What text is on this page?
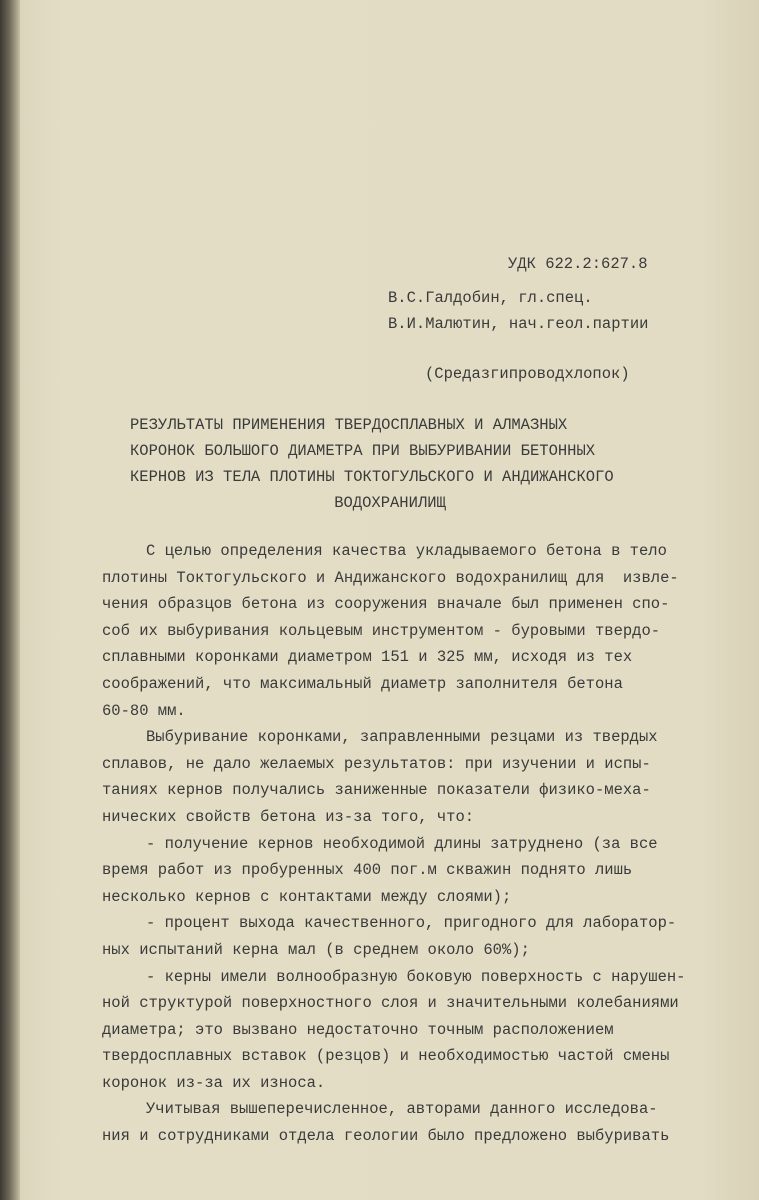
УДК 622.2:627.8
В.С.Галдобин, гл.спец.
В.И.Малютин, нач.геол.партии
(Средазгипроводхлопок)
РЕЗУЛЬТАТЫ ПРИМЕНЕНИЯ ТВЕРДОСПЛАВНЫХ И АЛМАЗНЫХ
КОРОНОК БОЛЬШОГО ДИАМЕТРА ПРИ ВЫБУРИВАНИИ БЕТОННЫХ
КЕРНОВ ИЗ ТЕЛА ПЛОТИНЫ ТОКТОГУЛЬСКОГО И АНДИЖАНСКОГО
ВОДОХРАНИЛИЩ
С целью определения качества укладываемого бетона в тело
плотины Токтогульского и Андижанского водохранилищ для  извле-
чения образцов бетона из сооружения вначале был применен спо-
соб их выбуривания кольцевым инструментом - буровыми твердо-
сплавными коронками диаметром 151 и 325 мм, исходя из тех
соображений, что максимальный диаметр заполнителя бетона
60-80 мм.
Выбуривание коронками, заправленными резцами из твердых
сплавов, не дало желаемых результатов: при изучении и испы-
таниях кернов получались заниженные показатели физико-меха-
нических свойств бетона из-за того, что:
- получение кернов необходимой длины затруднено (за все
время работ из пробуренных 400 пог.м скважин поднято лишь
несколько кернов с контактами между слоями);
- процент выхода качественного, пригодного для лаборатор-
ных испытаний керна мал (в среднем около 60%);
- керны имели волнообразную боковую поверхность с нарушен-
ной структурой поверхностного слоя и значительными колебаниями
диаметра; это вызвано недостаточно точным расположением
твердосплавных вставок (резцов) и необходимостью частой смены
коронок из-за их износа.
Учитывая вышеперечисленное, авторами данного исследова-
ния и сотрудниками отдела геологии было предложено выбуривать
